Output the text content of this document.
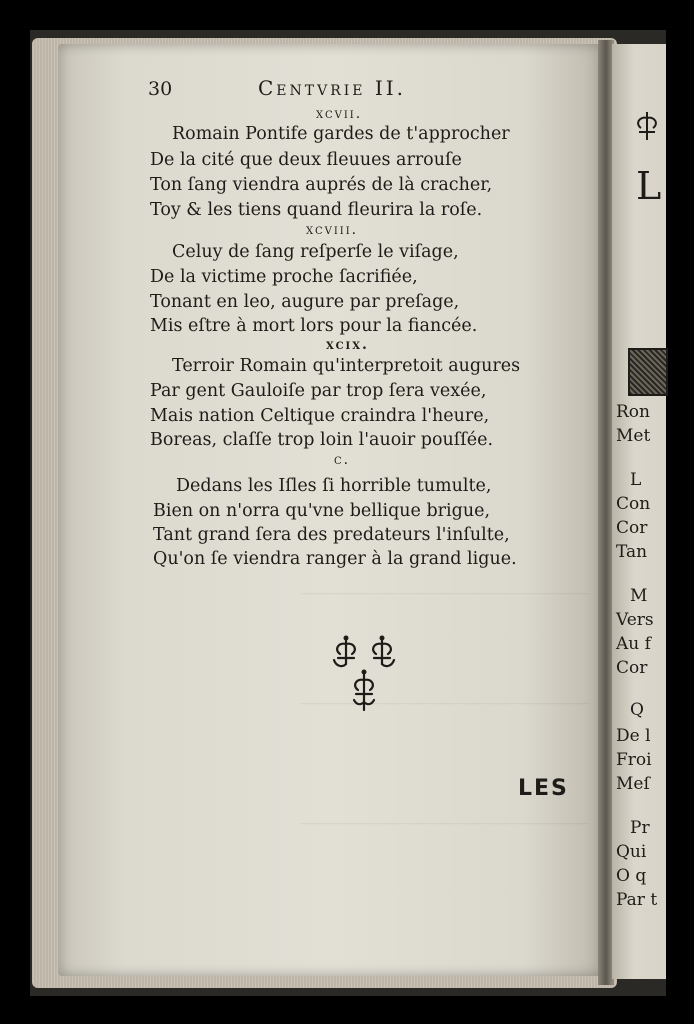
30	Centvrie II.
xcvii.
Romain Pontife gardes de t'approcher
De la cité que deux fleuues arrouſe
Ton ſang viendra auprés de là cracher,
Toy & les tiens quand fleurira la roſe.
xcviii.
Celuy de ſang reſperſe le viſage,
De la victime proche ſacrifiée,
Tonant en leo, augure par preſage,
Mis eſtre à mort lors pour la fiancée.
xcix.
Terroir Romain qu'interpretoit augures
Par gent Gauloiſe par trop ſera vexée,
Mais nation Celtique craindra l'heure,
Boreas, claſſe trop loin l'auoir pouſſée.
c.
Dedans les Iſles ſi horrible tumulte,
Bien on n'orra qu'vne bellique brigue,
Tant grand ſera des predateurs l'inſulte,
Qu'on ſe viendra ranger à la grand ligue.
LES
L
Ron
Met
L
Con
Cor
Tan
M
Vers
Au f
Cor
Q
De l
Froi
Meſ
Pr
Qui
O q
Par t
